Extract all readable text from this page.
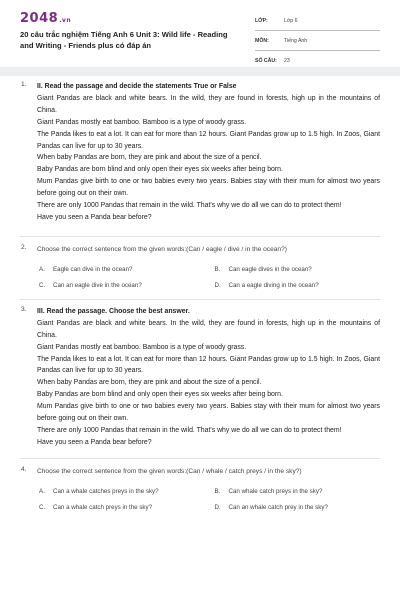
2048.vn
20 câu trắc nghiệm Tiếng Anh 6 Unit 3: Wild life - Reading and Writing - Friends plus có đáp án
LỚP:	Lớp 6
MÔN:	Tiếng Anh
SỐ CÂU: 23
1. II. Read the passage and decide the statements True or False

Giant Pandas are black and white bears. In the wild, they are found in forests, high up in the mountains of China.

Giant Pandas mostly eat bamboo. Bamboo is a type of woody grass.

The Panda likes to eat a lot. It can eat for more than 12 hours. Giant Pandas grow up to 1.5 high. In Zoos, Giant Pandas can live for up to 30 years.

When baby Pandas are born, they are pink and about the size of a pencil.

Baby Pandas are born blind and only open their eyes six weeks after being born.

Mum Pandas give birth to one or two babies every two years. Babies stay with their mum for almost two years before going out on their own.

There are only 1000 Pandas that remain in the wild. That's why we do all we can do to protect them!

Have you seen a Panda bear before?

2. Choose the correct sentence from the given words:(Can / eagle / dive / in the ocean?)
A. Eagle can dive in the ocean?	B. Can eagle dives in the ocean?
C. Can an eagle dive in the ocean?	D. Can a eagle diving in the ocean?
3. III. Read the passage. Choose the best answer.

Giant Pandas are black and white bears. In the wild, they are found in forests, high up in the mountains of China.

Giant Pandas mostly eat bamboo. Bamboo is a type of woody grass.

The Panda likes to eat a lot. It can eat for more than 12 hours. Giant Pandas grow up to 1.5 high. In Zoos, Giant Pandas can live for up to 30 years.

When baby Pandas are born, they are pink and about the size of a pencil.

Baby Pandas are born blind and only open their eyes six weeks after being born.

Mum Pandas give birth to one or two babies every two years. Babies stay with their mum for almost two years before going out on their own.

There are only 1000 Pandas that remain in the wild. That's why we do all we can do to protect them!

Have you seen a Panda bear before?

4. Choose the correct sentence from the given words:(Can / whale / catch preys / in the sky?)
A. Can a whale catches preys in the sky?	B. Can whale catch preys in the sky?
C. Can a whale catch preys in the sky?	D. Can an whale catch prey in the sky?
